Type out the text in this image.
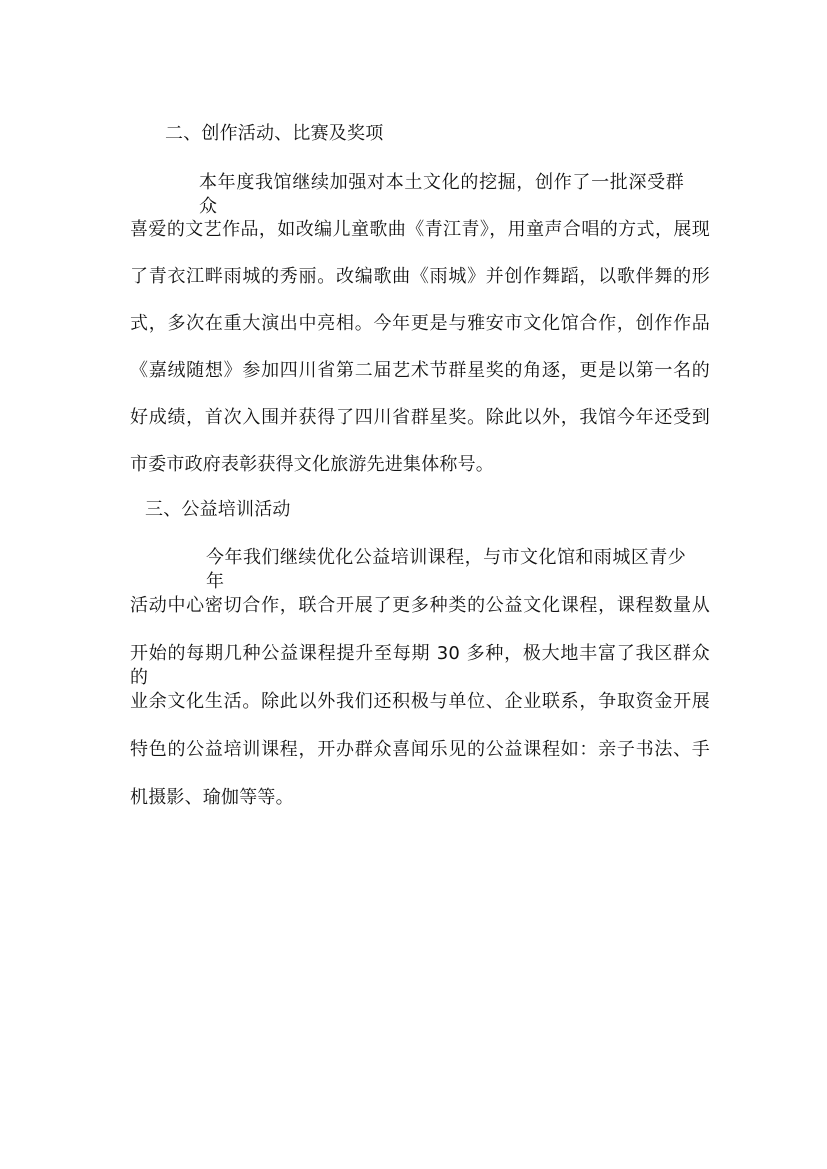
二、创作活动、比赛及奖项
本年度我馆继续加强对本土文化的挖掘，创作了一批深受群众
喜爱的文艺作品，如改编儿童歌曲《青江青》，用童声合唱的方式，展现
了青衣江畔雨城的秀丽。改编歌曲《雨城》并创作舞蹈，以歌伴舞的形
式，多次在重大演出中亮相。今年更是与雅安市文化馆合作，创作作品
《嘉绒随想》参加四川省第二届艺术节群星奖的角逐，更是以第一名的
好成绩，首次入围并获得了四川省群星奖。除此以外，我馆今年还受到
市委市政府表彰获得文化旅游先进集体称号。
三、公益培训活动
今年我们继续优化公益培训课程，与市文化馆和雨城区青少年
活动中心密切合作，联合开展了更多种类的公益文化课程，课程数量从
开始的每期几种公益课程提升至每期 30 多种，极大地丰富了我区群众的
业余文化生活。除此以外我们还积极与单位、企业联系，争取资金开展
特色的公益培训课程，开办群众喜闻乐见的公益课程如：亲子书法、手
机摄影、瑜伽等等。
